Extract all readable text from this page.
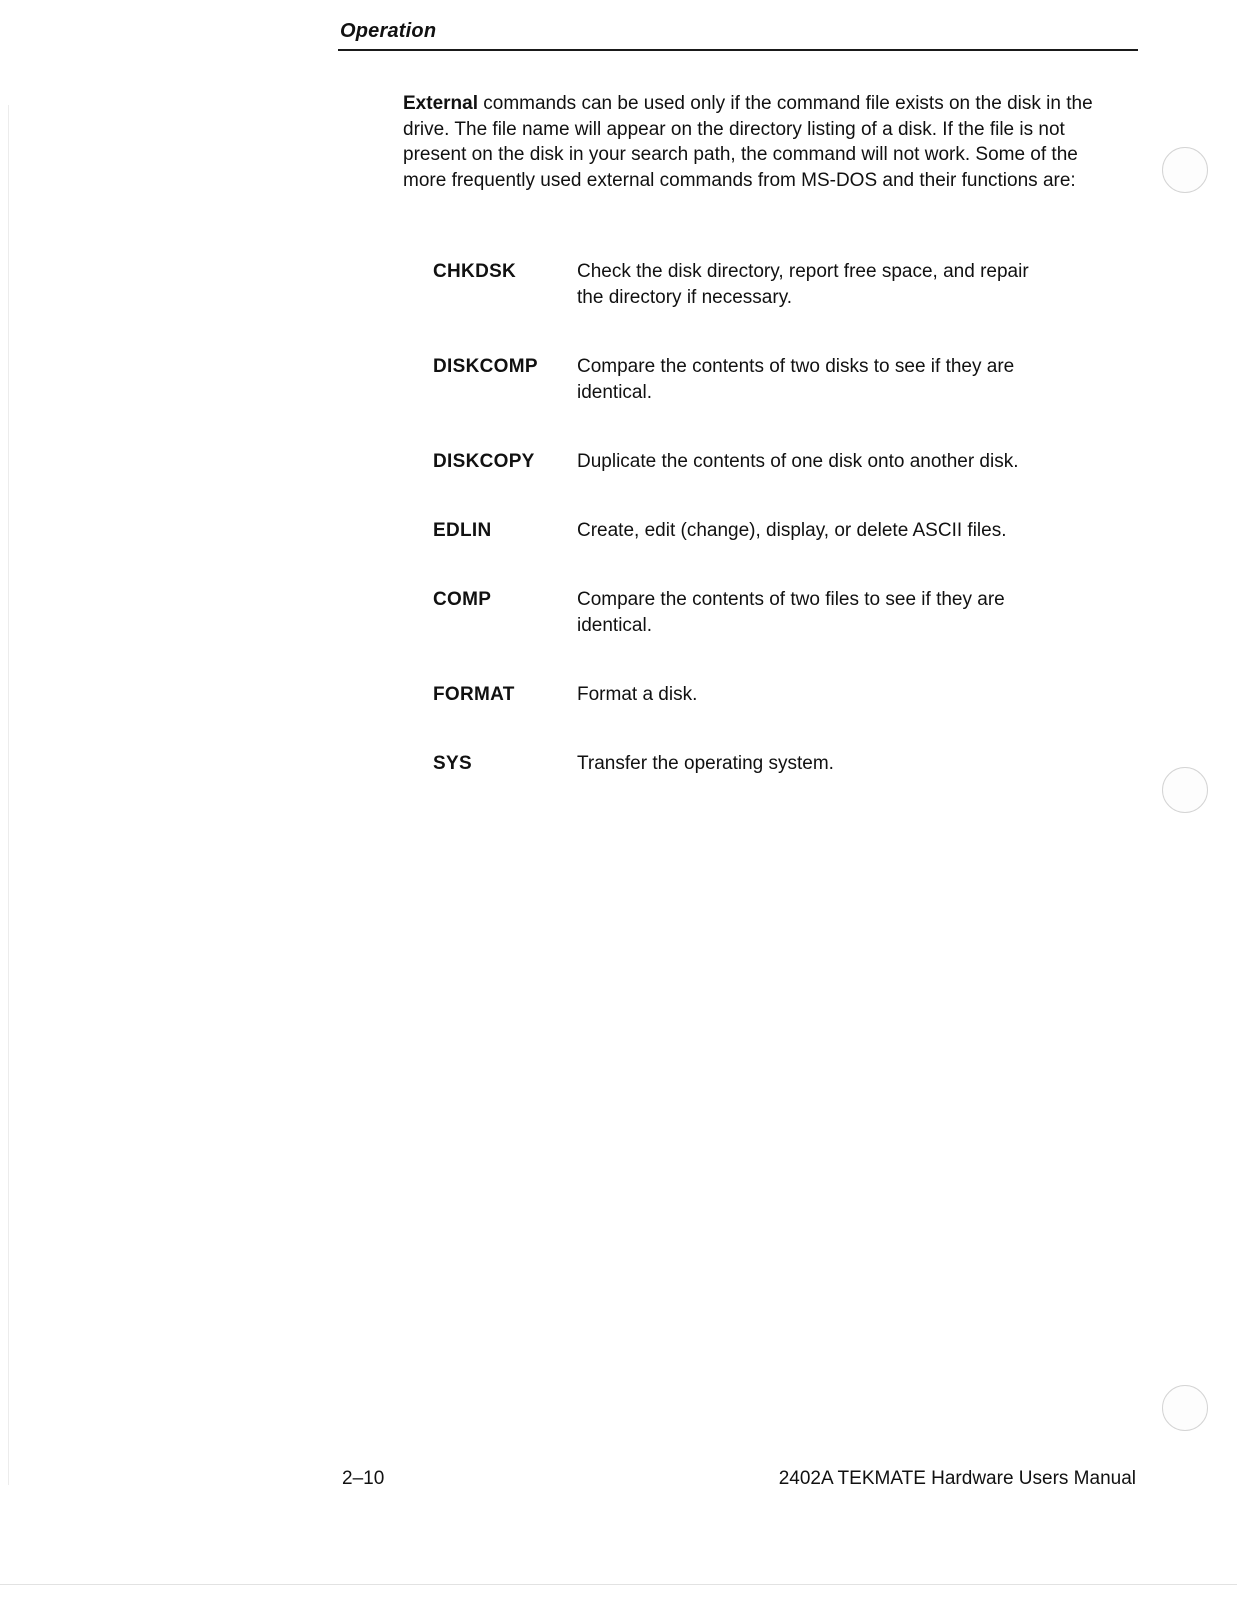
Operation

External commands can be used only if the command file exists on the disk in the drive. The file name will appear on the directory listing of a disk. If the file is not present on the disk in your search path, the command will not work. Some of the more frequently used external commands from MS-DOS and their functions are:

CHKDSK	Check the disk directory, report free space, and repair the directory if necessary.
DISKCOMP Compare the contents of two disks to see if they are identical.
DISKCOPY Duplicate the contents of one disk onto another disk.
EDLIN	Create, edit (change), display, or delete ASCII files.
COMP	Compare the contents of two files to see if they are identical.
FORMAT	Format a disk.
SYS	Transfer the operating system.
2–10	2402A TEKMATE Hardware Users Manual
